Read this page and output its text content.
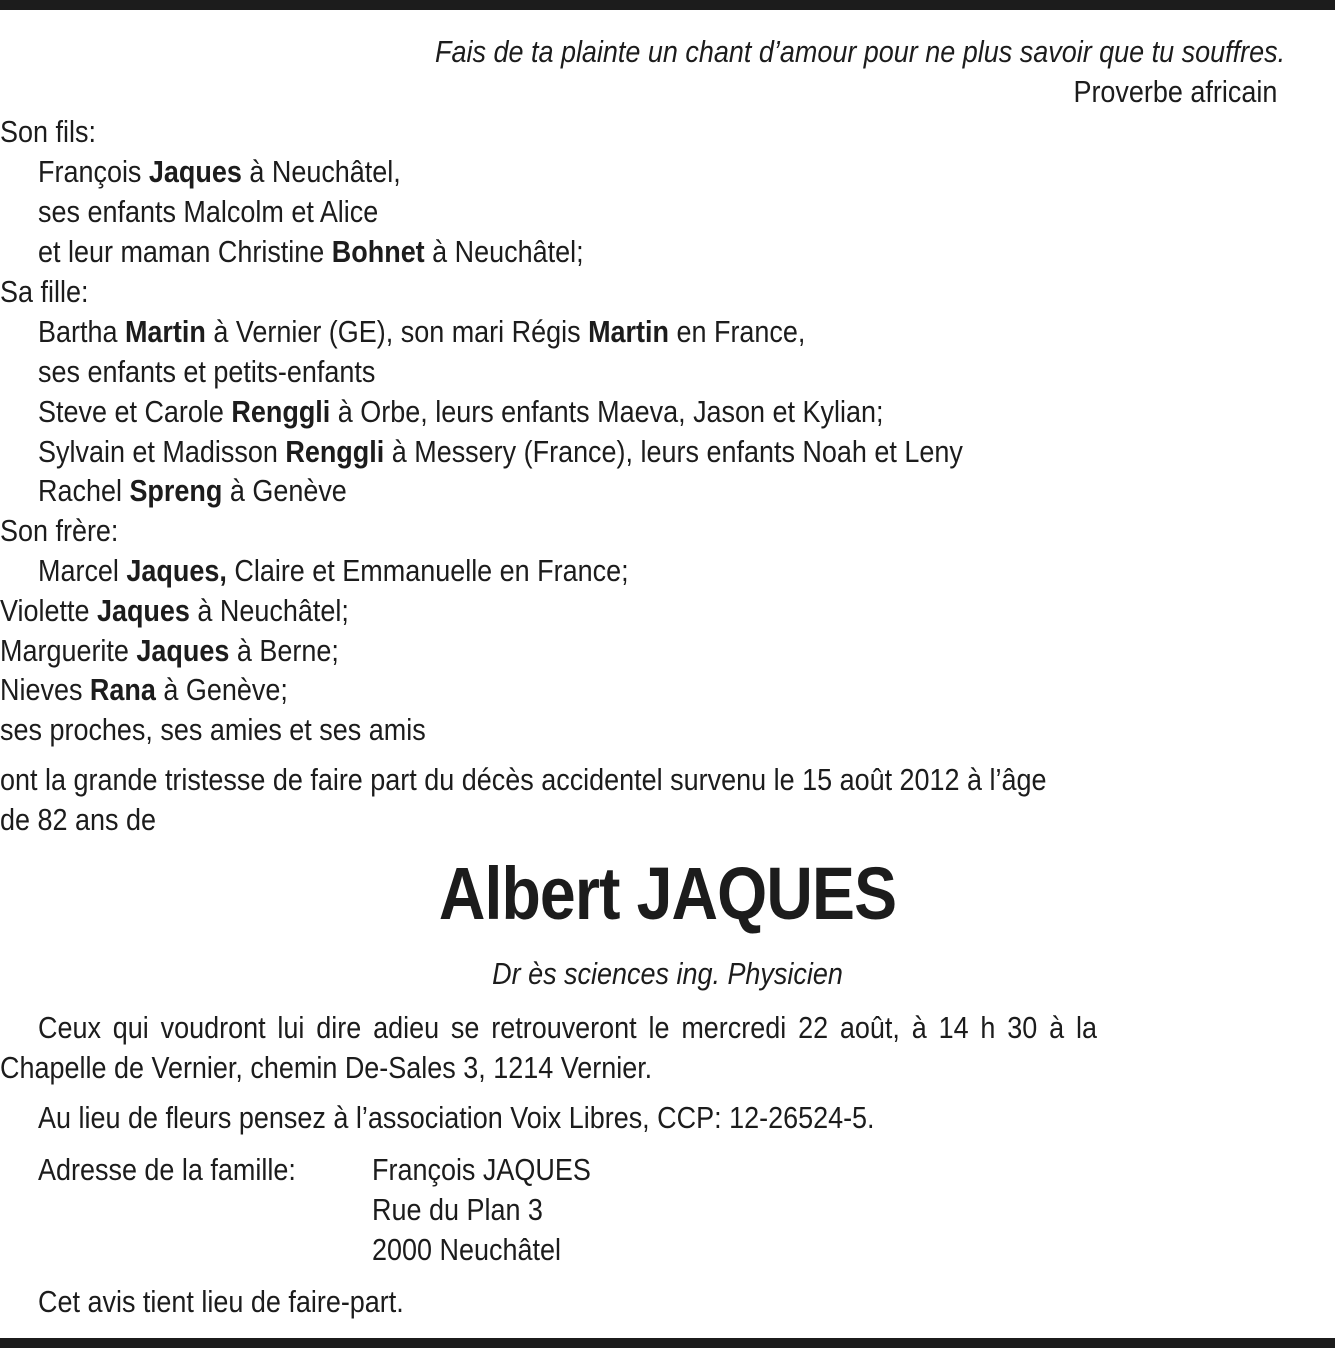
Fais de ta plainte un chant d’amour pour ne plus savoir que tu souffres.
Proverbe africain
Son fils:
François Jaques à Neuchâtel,
ses enfants Malcolm et Alice
et leur maman Christine Bohnet à Neuchâtel;
Sa fille:
Bartha Martin à Vernier (GE), son mari Régis Martin en France,
ses enfants et petits-enfants
Steve et Carole Renggli à Orbe, leurs enfants Maeva, Jason et Kylian;
Sylvain et Madisson Renggli à Messery (France), leurs enfants Noah et Leny
Rachel Spreng à Genève
Son frère:
Marcel Jaques, Claire et Emmanuelle en France;
Violette Jaques à Neuchâtel;
Marguerite Jaques à Berne;
Nieves Rana à Genève;
ses proches, ses amies et ses amis
ont la grande tristesse de faire part du décès accidentel survenu le 15 août 2012 à l’âge
de 82 ans de
Albert JAQUES
Dr ès sciences ing. Physicien
Ceux qui voudront lui dire adieu se retrouveront le mercredi 22 août, à 14 h 30 à la
Chapelle de Vernier, chemin De-Sales 3, 1214 Vernier.
Au lieu de fleurs pensez à l’association Voix Libres, CCP: 12-26524-5.
Adresse de la famille: François JAQUES
Rue du Plan 3
2000 Neuchâtel
Cet avis tient lieu de faire-part.
